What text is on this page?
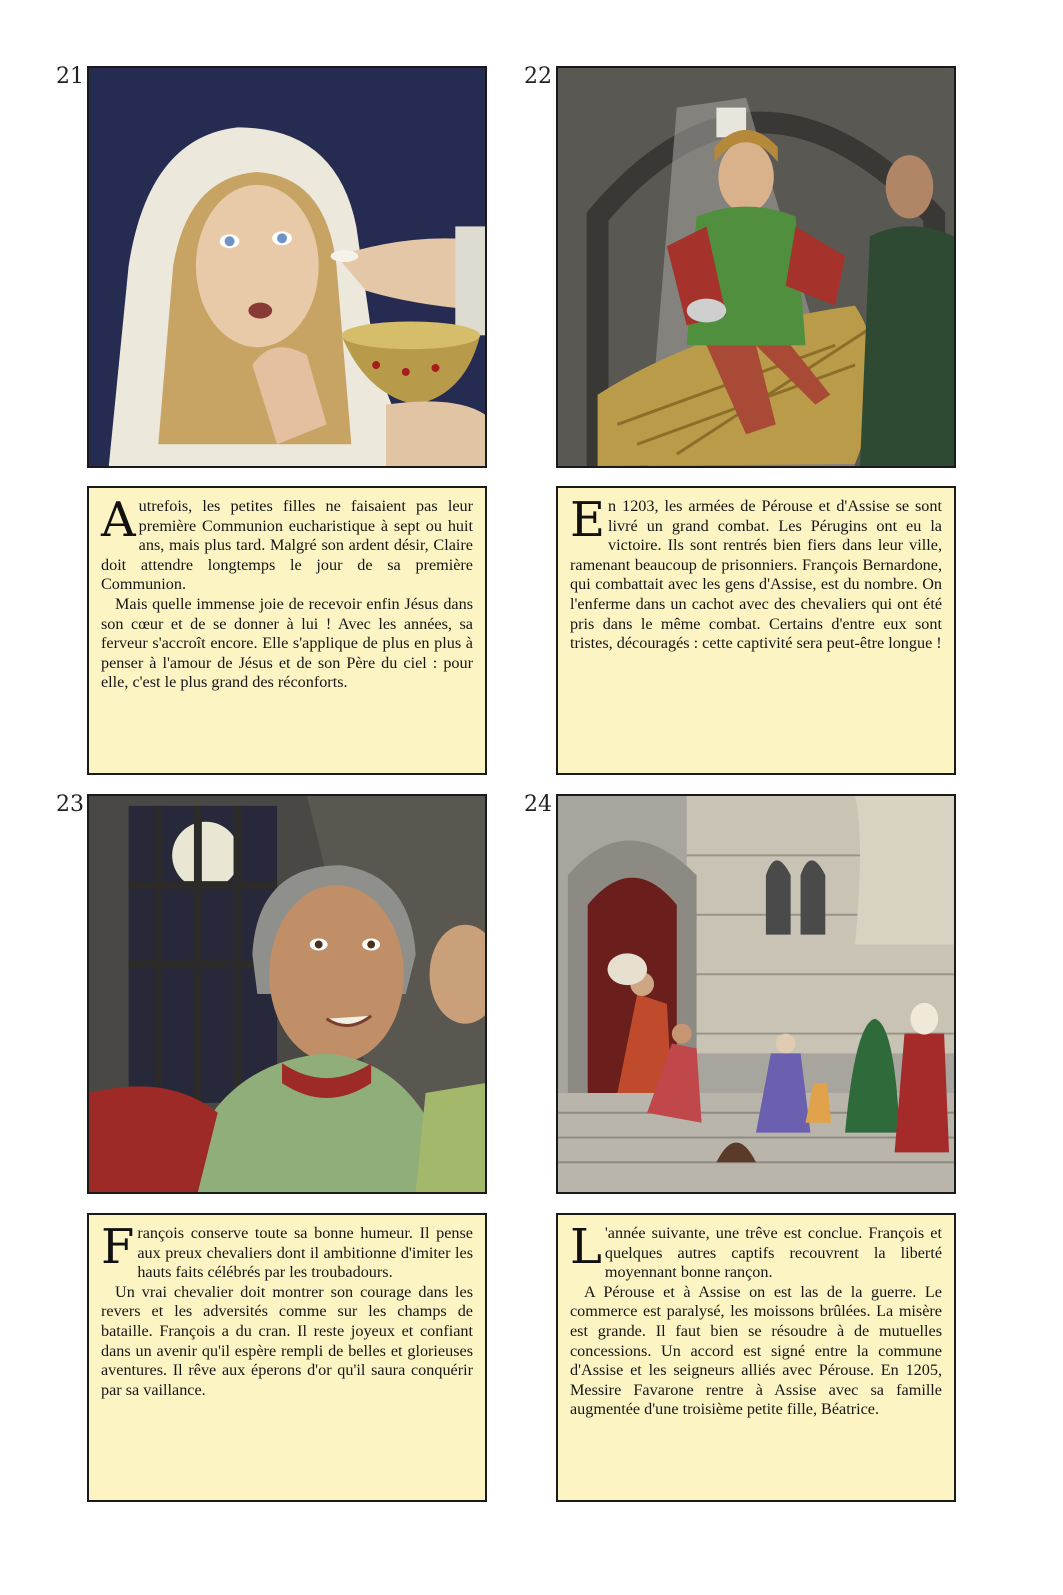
21
A utrefois, les petites filles ne faisaient pas leur première Communion eucharistique à sept ou huit ans, mais plus tard. Malgré son ardent désir, Claire doit attendre longtemps le jour de sa première Communion.

Mais quelle immense joie de recevoir enfin Jésus dans son cœur et de se donner à lui ! Avec les années, sa ferveur s'accroît encore. Elle s'applique de plus en plus à penser à l'amour de Jésus et de son Père du ciel : pour elle, c'est le plus grand des réconforts.

22
E n 1203, les armées de Pérouse et d'Assise se sont livré un grand combat. Les Pérugins ont eu la victoire. Ils sont rentrés bien fiers dans leur ville, ramenant beaucoup de prisonniers. François Bernardone, qui combattait avec les gens d'Assise, est du nombre. On l'enferme dans un cachot avec des chevaliers qui ont été pris dans le même combat. Certains d'entre eux sont tristes, découragés : cette captivité sera peut-être longue !

23
F rançois conserve toute sa bonne humeur. Il pense aux preux chevaliers dont il ambitionne d'imiter les hauts faits célébrés par les troubadours.

Un vrai chevalier doit montrer son courage dans les revers et les adversités comme sur les champs de bataille. François a du cran. Il reste joyeux et confiant dans un avenir qu'il espère rempli de belles et glorieuses aventures. Il rêve aux éperons d'or qu'il saura conquérir par sa vaillance.

24
L 'année suivante, une trêve est conclue. François et quelques autres captifs recouvrent la liberté moyennant bonne rançon.

A Pérouse et à Assise on est las de la guerre. Le commerce est paralysé, les moissons brûlées. La misère est grande. Il faut bien se résoudre à de mutuelles concessions. Un accord est signé entre la commune d'Assise et les seigneurs alliés avec Pérouse. En 1205, Messire Favarone rentre à Assise avec sa famille augmentée d'une troisième petite fille, Béatrice.
